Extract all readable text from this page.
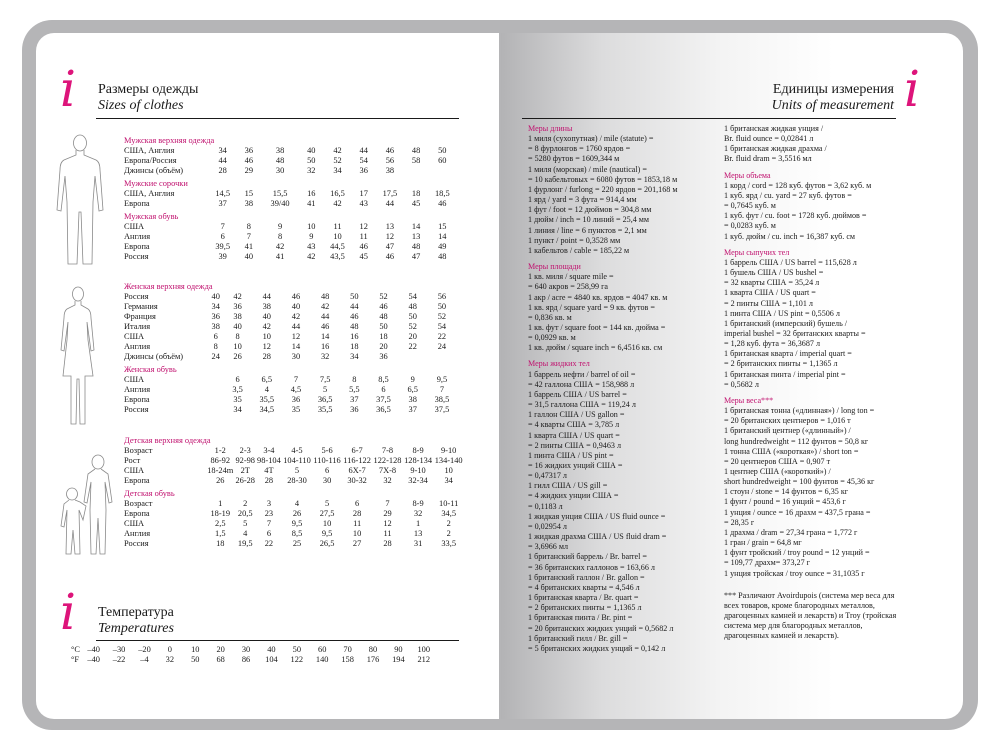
i Размеры одежды
Sizes of clothes
Мужская верхняя одежда									
США, Англия	34	36	38	40	42	44	46	48	50
Европа/Россия	44	46	48	50	52	54	56	58	60
Джинсы (объём)	28	29	30	32	34	36	38		
Мужские сорочки									
США, Англия	14,5	15	15,5	16	16,5	17	17,5	18	18,5
Европа	37	38	39/40	41	42	43	44	45	46
Мужская обувь									
США	7	8	9	10	11	12	13	14	15
Англия	6	7	8	9	10	11	12	13	14
Европа	39,5	41	42	43	44,5	46	47	48	49
Россия	39	40	41	42	43,5	45	46	47	48
Женская верхняя одежда									
Россия	40	42	44	46	48	50	52	54	56
Германия	34	36	38	40	42	44	46	48	50
Франция	36	38	40	42	44	46	48	50	52
Италия	38	40	42	44	46	48	50	52	54
США	6	8	10	12	14	16	18	20	22
Англия	8	10	12	14	16	18	20	22	24
Джинсы (объём)	24	26	28	30	32	34	36		
Женская обувь									
США		6	6,5	7	7,5	8	8,5	9	9,5
Англия		3,5	4	4,5	5	5,5	6	6,5	7
Европа		35	35,5	36	36,5	37	37,5	38	38,5
Россия		34	34,5	35	35,5	36	36,5	37	37,5
Детская верхняя одежда									
Возраст	1-2	2-3	3-4	4-5	5-6	6-7	7-8	8-9	9-10
Рост	86-92	92-98	98-104	104-110	110-116	116-122	122-128	128-134	134-140
США	18-24m	2T	4T	5	6	6X-7	7X-8	9-10	10
Европа	26	26-28	28	28-30	30	30-32	32	32-34	34
Детская обувь									
Возраст	1	2	3	4	5	6	7	8-9	10-11
Европа	18-19	20,5	23	26	27,5	28	29	32	34,5
США	2,5	5	7	9,5	10	11	12	1	2
Англия	1,5	4	6	8,5	9,5	10	11	13	2
Россия	18	19,5	22	25	26,5	27	28	31	33,5
i Температура
Temperatures
°C	–40	–30	–20	0	10	20	30	40	50	60	70	80	90	100
°F	–40	–22	–4	32	50	68	86	104	122	140	158	176	194	212
Единицы измерения
Units of measurement i
Меры длины
1 миля (сухопутная) / mile (statute) =
= 8 фурлонгов = 1760 ярдов =
= 5280 футов = 1609,344 м
1 миля (морская) / mile (nautical) =
= 10 кабельтовых = 6080 футов = 1853,18 м
1 фурлонг / furlong = 220 ярдов = 201,168 м
1 ярд / yard = 3 фута = 914,4 мм
1 фут / foot = 12 дюймов = 304,8 мм
1 дюйм / inch = 10 линий = 25,4 мм
1 линия / line = 6 пунктов = 2,1 мм
1 пункт / point = 0,3528 мм
1 кабельтов / cable = 185,22 м
Меры площади
1 кв. миля / square mile =
= 640 акров = 258,99 га
1 акр / acre = 4840 кв. ярдов = 4047 кв. м
1 кв. ярд / square yard = 9 кв. футов =
= 0,836 кв. м
1 кв. фут / square foot = 144 кв. дюйма =
= 0,0929 кв. м
1 кв. дюйм / square inch = 6,4516 кв. см
Меры жидких тел
1 баррель нефти / barrel of oil =
= 42 галлона США = 158,988 л
1 баррель США / US barrel =
= 31,5 галлона США = 119,24 л
1 галлон США / US gallon =
= 4 кварты США = 3,785 л
1 кварта США / US quart =
= 2 пинты США = 0,9463 л
1 пинта США / US pint =
= 16 жидких унций США =
= 0,47317 л
1 гилл США / US gill =
= 4 жидких унции США =
= 0,1183 л
1 жидкая унция США / US fluid ounce =
= 0,02954 л
1 жидкая драхма США / US fluid dram =
= 3,6966 мл
1 британский баррель / Br. barrel =
= 36 британских галлонов = 163,66 л
1 британский галлон / Br. gallon =
= 4 британских кварты = 4,546 л
1 британская кварта / Br. quart =
= 2 британских пинты = 1,1365 л
1 британская пинта / Br. pint =
= 20 британских жидких унций = 0,5682 л
1 британский гилл / Br. gill =
= 5 британских жидких унций = 0,142 л
1 британская жидкая унция /
Br. fluid ounce = 0,02841 л
1 британская жидкая драхма /
Br. fluid dram = 3,5516 мл
Меры объема
1 корд / cord = 128 куб. футов = 3,62 куб. м
1 куб. ярд / cu. yard = 27 куб. футов =
= 0,7645 куб. м
1 куб. фут / cu. foot = 1728 куб. дюймов =
= 0,0283 куб. м
1 куб. дюйм / cu. inch = 16,387 куб. см
Меры сыпучих тел
1 баррель США / US barrel = 115,628 л
1 бушель США / US bushel =
= 32 кварты США = 35,24 л
1 кварта США / US quart =
= 2 пинты США = 1,101 л
1 пинта США / US pint = 0,5506 л
1 британский (имперский) бушель /
imperial bushel = 32 британских кварты =
= 1,28 куб. фута = 36,3687 л
1 британская кварта / imperial quart =
= 2 британских пинты = 1,1365 л
1 британская пинта / imperial pint =
= 0,5682 л
Меры веса***
1 британская тонна («длинная») / long ton =
= 20 британских центнеров = 1,016 т
1 британский центнер («длинный») /
long hundredweight = 112 фунтов = 50,8 кг
1 тонна США («короткая») / short ton =
= 20 центнеров США = 0,907 т
1 центнер США («короткий») /
short hundredweight = 100 фунтов = 45,36 кг
1 стоун / stone = 14 фунтов = 6,35 кг
1 фунт / pound = 16 унций = 453,6 г
1 унция / ounce = 16 драхм = 437,5 грана =
= 28,35 г
1 драхма / dram = 27,34 грана = 1,772 г
1 гран / grain = 64,8 мг
1 фунт тройский / troy pound = 12 унций =
= 109,77 драхм= 373,27 г
1 унция тройская / troy ounce = 31,1035 г
*** Различают Avoirdupois (система мер веса для всех товаров, кроме благородных металлов, драгоценных камней и лекарств) и Troy (тройская система мер для благородных металлов, драгоценных камней и лекарств).
